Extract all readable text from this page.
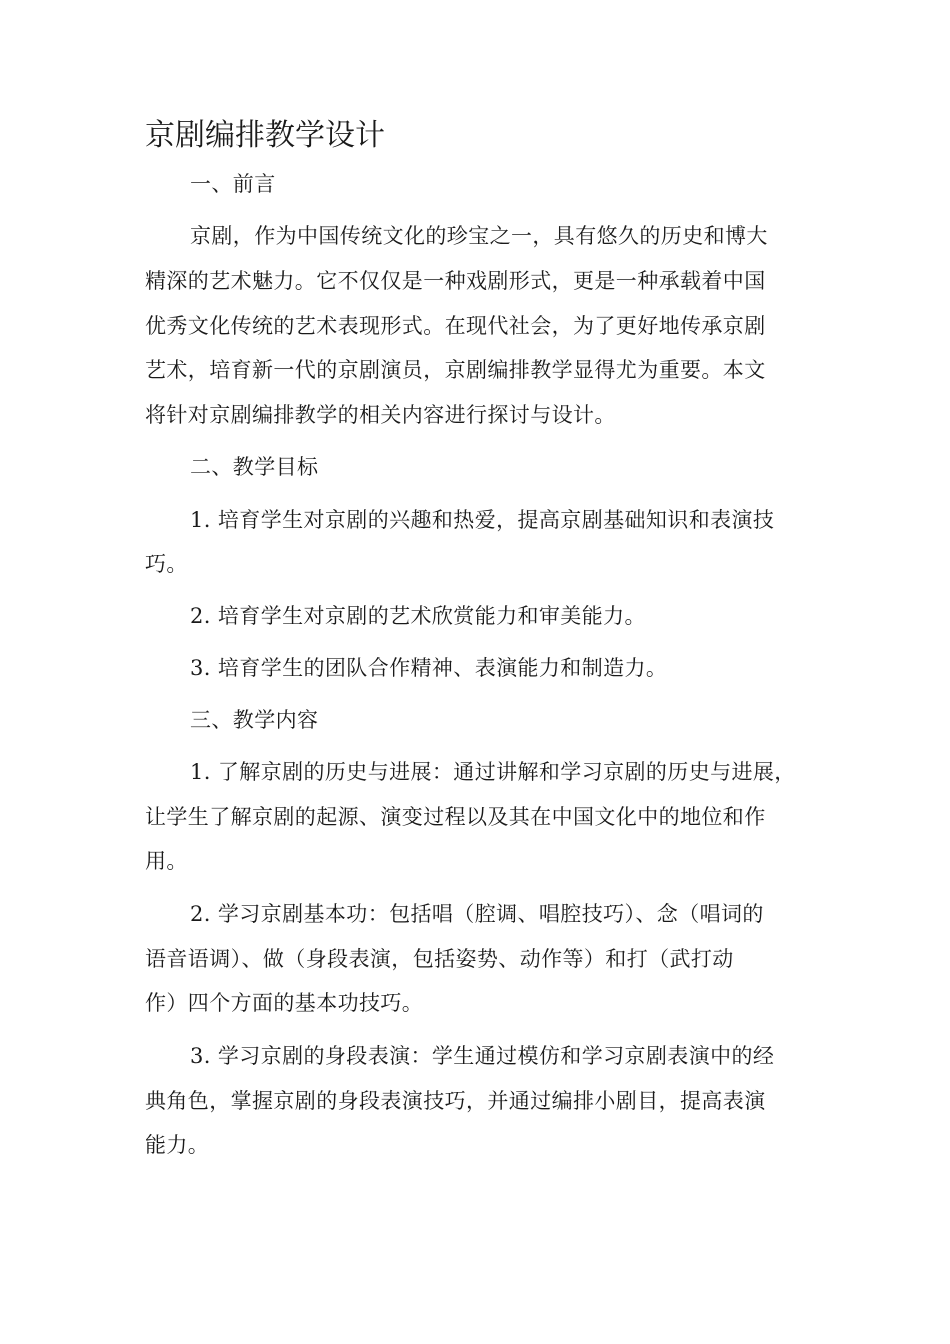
京剧编排教学设计
一、前言
京剧，作为中国传统文化的珍宝之一，具有悠久的历史和博大
精深的艺术魅力。它不仅仅是一种戏剧形式，更是一种承载着中国
优秀文化传统的艺术表现形式。在现代社会，为了更好地传承京剧
艺术，培育新一代的京剧演员，京剧编排教学显得尤为重要。本文
将针对京剧编排教学的相关内容进行探讨与设计。
二、教学目标
1. 培育学生对京剧的兴趣和热爱，提高京剧基础知识和表演技
巧。
2. 培育学生对京剧的艺术欣赏能力和审美能力。
3. 培育学生的团队合作精神、表演能力和制造力。
三、教学内容
1. 了解京剧的历史与进展：通过讲解和学习京剧的历史与进展，
让学生了解京剧的起源、演变过程以及其在中国文化中的地位和作
用。
2. 学习京剧基本功：包括唱（腔调、唱腔技巧）、念（唱词的
语音语调）、做（身段表演，包括姿势、动作等）和打（武打动
作）四个方面的基本功技巧。
3. 学习京剧的身段表演：学生通过模仿和学习京剧表演中的经
典角色，掌握京剧的身段表演技巧，并通过编排小剧目，提高表演
能力。
